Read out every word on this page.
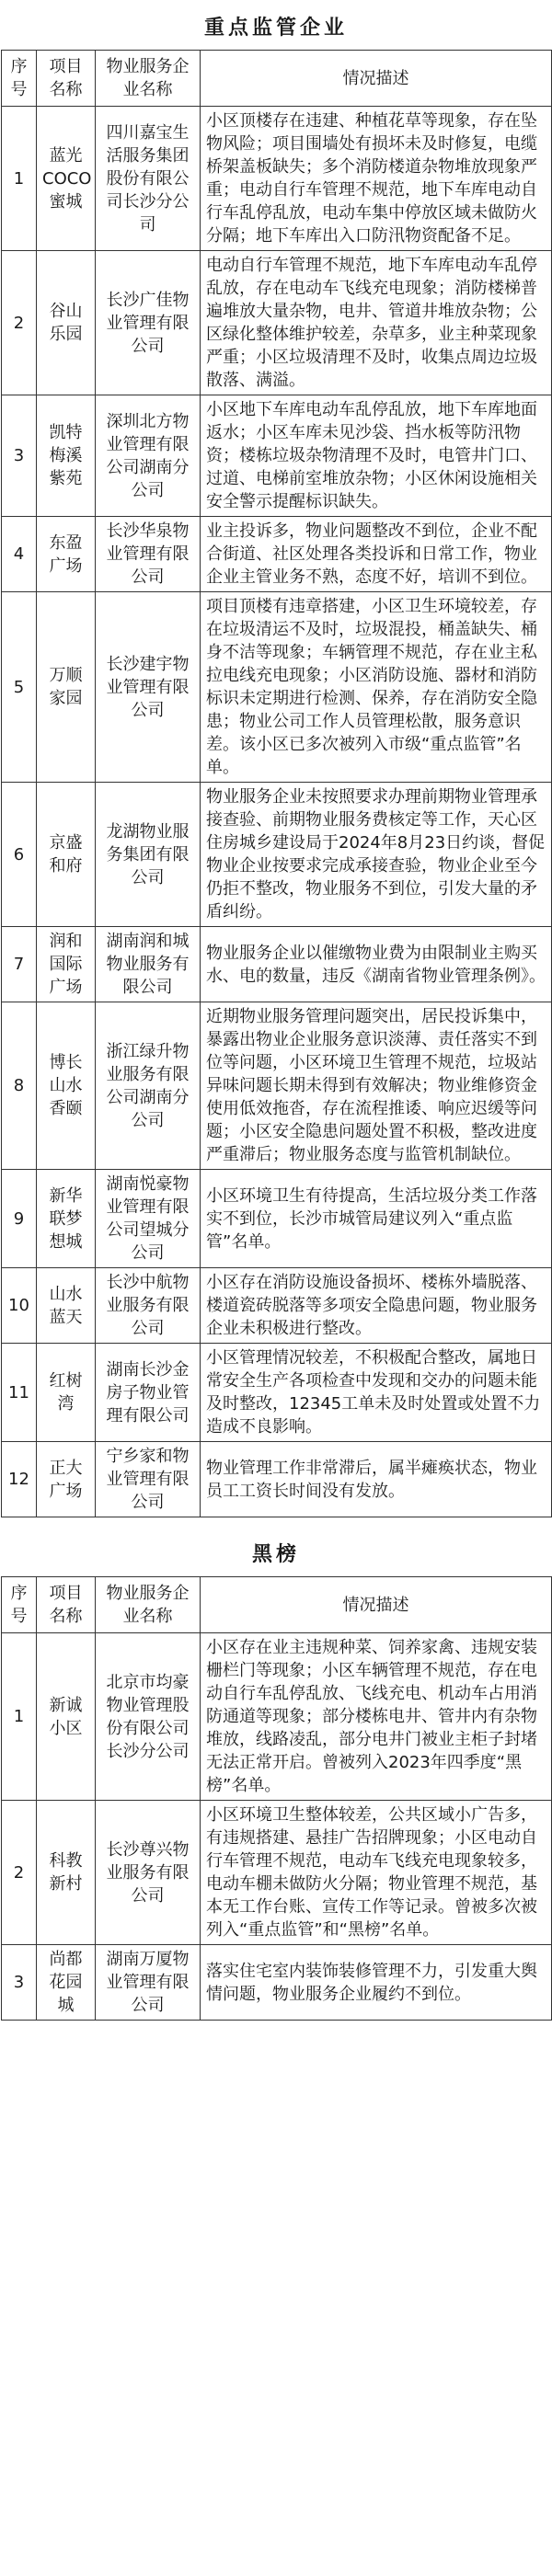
重点监管企业
序号	项目名称	物业服务企业名称	情况描述
1	蓝光COCO蜜城	四川嘉宝生活服务集团股份有限公司长沙分公司	小区顶楼存在违建、种植花草等现象，存在坠物风险；项目围墙处有损坏未及时修复，电缆桥架盖板缺失；多个消防楼道杂物堆放现象严重；电动自行车管理不规范，地下车库电动自行车乱停乱放，电动车集中停放区域未做防火分隔；地下车库出入口防汛物资配备不足。
2	谷山乐园	长沙广佳物业管理有限公司	电动自行车管理不规范，地下车库电动车乱停乱放，存在电动车飞线充电现象；消防楼梯普遍堆放大量杂物，电井、管道井堆放杂物；公区绿化整体维护较差，杂草多，业主种菜现象严重；小区垃圾清理不及时，收集点周边垃圾散落、满溢。
3	凯特梅溪紫苑	深圳北方物业管理有限公司湖南分公司	小区地下车库电动车乱停乱放，地下车库地面返水；小区车库未见沙袋、挡水板等防汛物资；楼栋垃圾杂物清理不及时，电管井门口、过道、电梯前室堆放杂物；小区休闲设施相关安全警示提醒标识缺失。
4	东盈广场	长沙华泉物业管理有限公司	业主投诉多，物业问题整改不到位，企业不配合街道、社区处理各类投诉和日常工作，物业企业主管业务不熟，态度不好，培训不到位。
5	万顺家园	长沙建宇物业管理有限公司	项目顶楼有违章搭建，小区卫生环境较差，存在垃圾清运不及时，垃圾混投，桶盖缺失、桶身不洁等现象；车辆管理不规范，存在业主私拉电线充电现象；小区消防设施、器材和消防标识未定期进行检测、保养，存在消防安全隐患；物业公司工作人员管理松散，服务意识差。该小区已多次被列入市级“重点监管”名单。
6	京盛和府	龙湖物业服务集团有限公司	物业服务企业未按照要求办理前期物业管理承接查验、前期物业服务费核定等工作，天心区住房城乡建设局于2024年8月23日约谈，督促物业企业按要求完成承接查验，物业企业至今仍拒不整改，物业服务不到位，引发大量的矛盾纠纷。
7	润和国际广场	湖南润和城物业服务有限公司	物业服务企业以催缴物业费为由限制业主购买水、电的数量，违反《湖南省物业管理条例》。
8	博长山水香颐	浙江绿升物业服务有限公司湖南分公司	近期物业服务管理问题突出，居民投诉集中，暴露出物业企业服务意识淡薄、责任落实不到位等问题，小区环境卫生管理不规范，垃圾站异味问题长期未得到有效解决；物业维修资金使用低效拖沓，存在流程推诿、响应迟缓等问题；小区安全隐患问题处置不积极，整改进度严重滞后；物业服务态度与监管机制缺位。
9	新华联梦想城	湖南悦豪物业管理有限公司望城分公司	小区环境卫生有待提高，生活垃圾分类工作落实不到位，长沙市城管局建议列入“重点监管”名单。
10	山水蓝天	长沙中航物业服务有限公司	小区存在消防设施设备损坏、楼栋外墙脱落、楼道瓷砖脱落等多项安全隐患问题，物业服务企业未积极进行整改。
11	红树湾	湖南长沙金房子物业管理有限公司	小区管理情况较差，不积极配合整改，属地日常安全生产各项检查中发现和交办的问题未能及时整改，12345工单未及时处置或处置不力造成不良影响。
12	正大广场	宁乡家和物业管理有限公司	物业管理工作非常滞后，属半瘫痪状态，物业员工工资长时间没有发放。
黑榜
序号	项目名称	物业服务企业名称	情况描述
1	新诚小区	北京市均豪物业管理股份有限公司长沙分公司	小区存在业主违规种菜、饲养家禽、违规安装栅栏门等现象；小区车辆管理不规范，存在电动自行车乱停乱放、飞线充电、机动车占用消防通道等现象；部分楼栋电井、管井内有杂物堆放，线路凌乱，部分电井门被业主柜子封堵无法正常开启。曾被列入2023年四季度“黑榜”名单。
2	科教新村	长沙尊兴物业服务有限公司	小区环境卫生整体较差，公共区域小广告多，有违规搭建、悬挂广告招牌现象；小区电动自行车管理不规范，电动车飞线充电现象较多，电动车棚未做防火分隔；物业管理不规范，基本无工作台账、宣传工作等记录。曾被多次被列入“重点监管”和“黑榜”名单。
3	尚都花园城	湖南万厦物业管理有限公司	落实住宅室内装饰装修管理不力，引发重大舆情问题，物业服务企业履约不到位。
